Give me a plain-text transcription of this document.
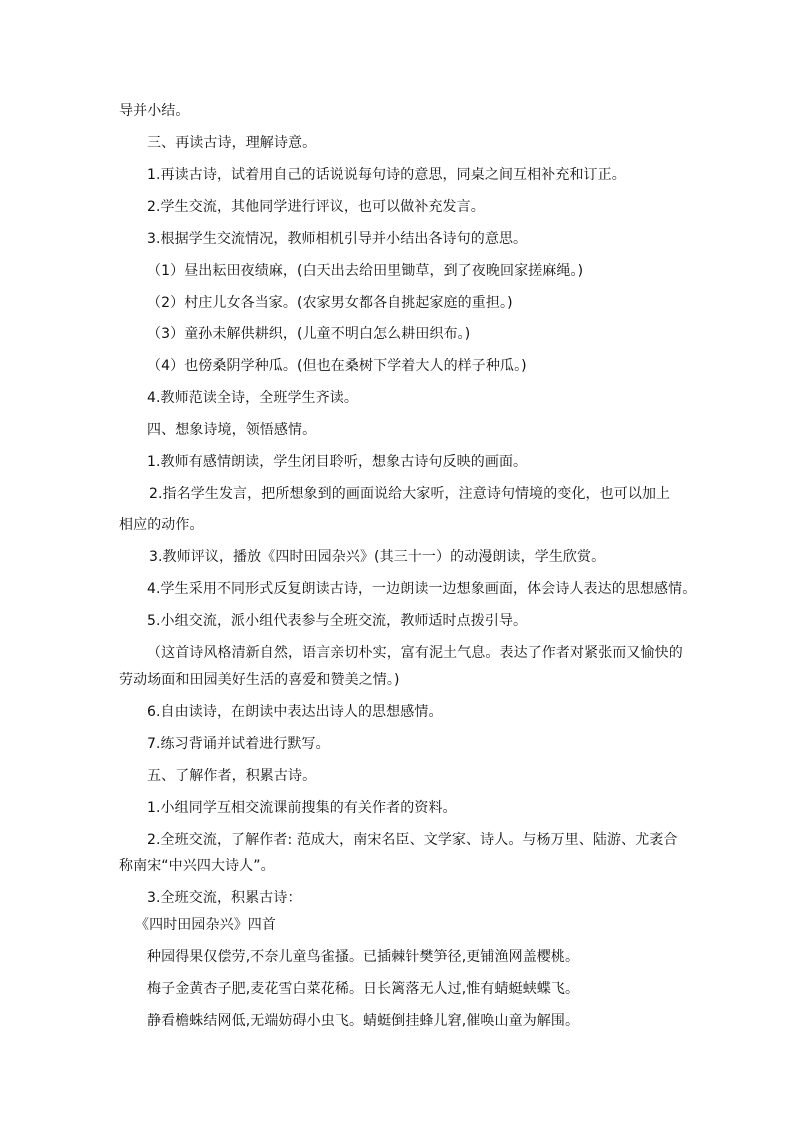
导并小结。

三、再读古诗，理解诗意。

1.再读古诗，试着用自己的话说说每句诗的意思，同桌之间互相补充和订正。

2.学生交流，其他同学进行评议，也可以做补充发言。

3.根据学生交流情况，教师相机引导并小结出各诗句的意思。

（1）昼出耘田夜绩麻，(白天出去给田里锄草，到了夜晚回家搓麻绳。)

（2）村庄儿女各当家。(农家男女都各自挑起家庭的重担。)

（3）童孙未解供耕织，(儿童不明白怎么耕田织布。)

（4）也傍桑阴学种瓜。(但也在桑树下学着大人的样子种瓜。)

4.教师范读全诗，全班学生齐读。

四、想象诗境，领悟感情。

1.教师有感情朗读，学生闭目聆听，想象古诗句反映的画面。

2.指名学生发言，把所想象到的画面说给大家听，注意诗句情境的变化，也可以加上

相应的动作。

3.教师评议，播放《四时田园杂兴》(其三十一）的动漫朗读，学生欣赏。

4.学生采用不同形式反复朗读古诗，一边朗读一边想象画面，体会诗人表达的思想感情。

5.小组交流，派小组代表参与全班交流，教师适时点拨引导。

（这首诗风格清新自然，语言亲切朴实，富有泥土气息。表达了作者对紧张而又愉快的

劳动场面和田园美好生活的喜爱和赞美之情。)

6.自由读诗，在朗读中表达出诗人的思想感情。

7.练习背诵并试着进行默写。

五、了解作者，积累古诗。

1.小组同学互相交流课前搜集的有关作者的资料。

2.全班交流，了解作者: 范成大，南宋名臣、文学家、诗人。与杨万里、陆游、尤袤合

称南宋“中兴四大诗人”。

3.全班交流，积累古诗：

《四时田园杂兴》四首

种园得果仅偿劳,不奈儿童鸟雀搔。已插棘针樊笋径,更铺渔网盖樱桃。

梅子金黄杏子肥,麦花雪白菜花稀。日长篱落无人过,惟有蜻蜓蛱蝶飞。

静看檐蛛结网低,无端妨碍小虫飞。蜻蜓倒挂蜂儿窘,催唤山童为解围。
